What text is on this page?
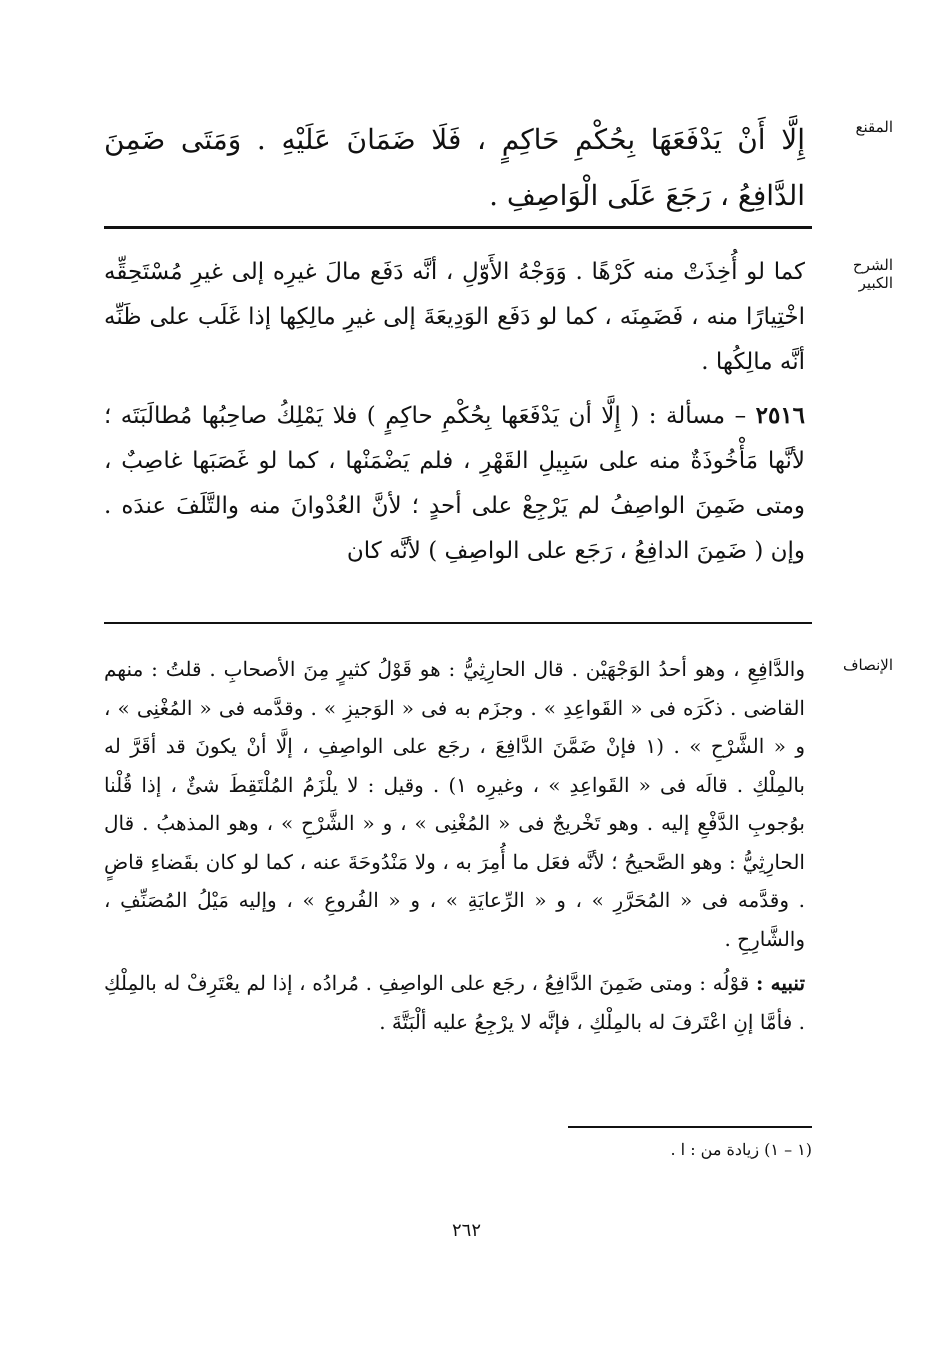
المقنع
إِلَّا أَنْ يَدْفَعَهَا بِحُكْمِ حَاكِمٍ ، فَلَا ضَمَانَ عَلَيْهِ . وَمَتَى ضَمِنَ الدَّافِعُ ، رَجَعَ عَلَى الْوَاصِفِ .
الشرح الكبير

كما لو أُخِذَتْ منه كَرْهًا . وَوَجْهُ الأَوّلِ ، أنَّه دَفَع مالَ غيرِه إلى غيرِ مُسْتَحِقِّه اخْتِيارًا منه ، فَضَمِنَه ، كما لو دَفَع الوَدِيعَةَ إلى غيرِ مالِكِها إذا غَلَب على ظَنِّه أنَّه مالِكُها .

٢٥١٦ – مسألة : ( إِلَّا أن يَدْفَعَها بِحُكْمِ حاكِمٍ ) فلا يَمْلِكُ صاحِبُها مُطالَبَتَه ؛ لأنَّها مَأْخُوذَةٌ منه على سَبِيلِ القَهْرِ ، فلم يَضْمَنْها ، كما لو غَصَبَها غاصِبٌ ، ومتى ضَمِنَ الواصِفُ لم يَرْجِعْ على أحدٍ ؛ لأنَّ العُدْوانَ منه والتَّلَفَ عندَه . وإن ( ضَمِنَ الدافِعُ ، رَجَع على الواصِفِ ) لأنَّه كان

الإنصاف

والدَّافِعِ ، وهو أحدُ الوَجْهَيْن . قال الحارِثِيُّ : هو قَوْلُ كثيرٍ مِنَ الأصحابِ . قلتُ : منهم القاضى . ذكَرَه فى « القَواعِدِ » . وجزَم به فى « الوَجيزِ » . وقدَّمه فى « المُغْنِى » ، و « الشَّرْحِ » . (١ فإنْ ضَمَّنَ الدَّافِعَ ، رجَع على الواصِفِ ، إلَّا أنْ يكونَ قد أقَرَّ له بالمِلْكِ . قالَه فى « القَواعِدِ » ، وغيرِه ١) . وقيل : لا يلْزَمُ المُلْتَقِطَ شئٌ ، إذا قُلْنا بوُجوبِ الدَّفْعِ إليه . وهو تَخْريجٌ فى « المُغْنِى » ، و « الشَّرْحِ » ، وهو المذهبُ . قال الحارِثِيُّ : وهو الصَّحيحُ ؛ لأنَّه فعَل ما أُمِرَ به ، ولا مَنْدُوحَةَ عنه ، كما لو كان بقَضاءِ قاضٍ . وقدَّمه فى « المُحَرَّرِ » ، و « الرِّعايَةِ » ، و « الفُروعِ » ، وإليه مَيْلُ المُصَنِّفِ ، والشَّارِحِ .

تنبيه : قوْلُه : ومتى ضَمِنَ الدَّافِعُ ، رجَع على الواصِفِ . مُرادُه ، إذا لم يعْتَرِفْ له بالمِلْكِ . فأمَّا إنِ اعْتَرفَ له بالمِلْكِ ، فإنَّه لا يرْجِعُ عليه ألْبَتَّةَ .

(١ – ١) زيادة من : ا .
٢٦٢
